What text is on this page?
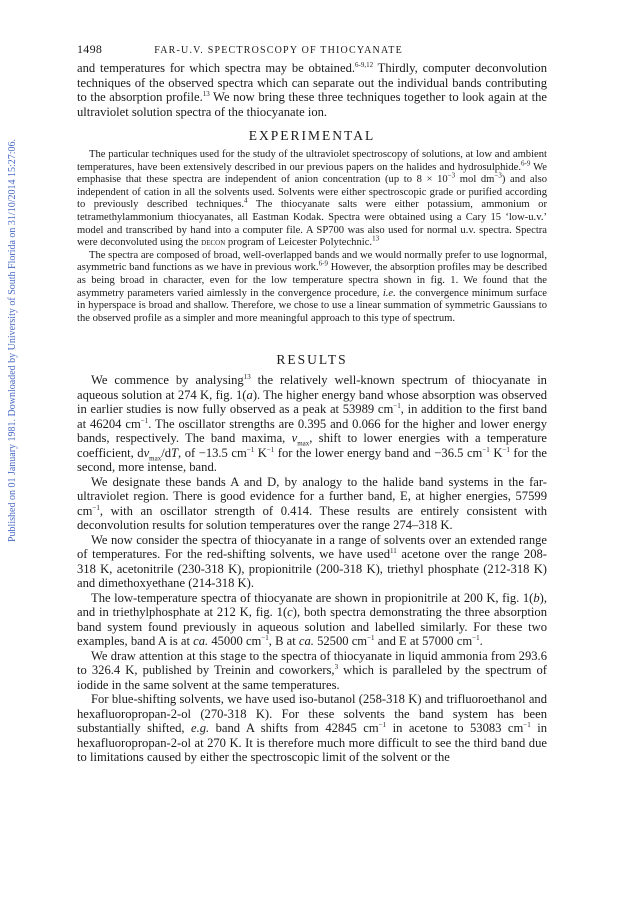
Published on 01 January 1981. Downloaded by University of South Florida on 31/10/2014 15:27:06.
1498	FAR-U.V. SPECTROSCOPY OF THIOCYANATE

and temperatures for which spectra may be obtained.$^{6-9,12}$ Thirdly, computer deconvolution techniques of the observed spectra which can separate out the individual bands contributing to the absorption profile.$^{13}$ We now bring these three techniques together to look again at the ultraviolet solution spectra of the thiocyanate ion.

EXPERIMENTAL

The particular techniques used for the study of the ultraviolet spectroscopy of solutions, at low and ambient temperatures, have been extensively described in our previous papers on the halides and hydrosulphide.$^{6-9}$ We emphasise that these spectra are independent of anion concentration (up to $8 \times 10^{-3}$ mol $dm^{-3}$) and also independent of cation in all the solvents used. Solvents were either spectroscopic grade or purified according to previously described techniques.$^4$ The thiocyanate salts were either potassium, ammonium or tetramethylammonium thiocyanates, all Eastman Kodak. Spectra were obtained using a Cary 15 ‘low-u.v.’ model and transcribed by hand into a computer file. A SP700 was also used for normal u.v. spectra. Spectra were deconvoluted using the decon program of Leicester Polytechnic.$^{13}$

The spectra are composed of broad, well-overlapped bands and we would normally prefer to use lognormal, asymmetric band functions as we have in previous work.$^{6-9}$ However, the absorption profiles may be described as being broad in character, even for the low temperature spectra shown in fig. 1. We found that the asymmetry parameters varied aimlessly in the convergence procedure, i.e. the convergence minimum surface in hyperspace is broad and shallow. Therefore, we chose to use a linear summation of symmetric Gaussians to the observed profile as a simpler and more meaningful approach to this type of spectrum.

RESULTS

We commence by analysing$^{13}$ the relatively well-known spectrum of thiocyanate in aqueous solution at 274 K, fig. 1(a). The higher energy band whose absorption was observed in earlier studies is now fully observed as a peak at 53989 $cm^{-1}$, in addition to the first band at 46204 $cm^{-1}$. The oscillator strengths are 0.395 and 0.066 for the higher and lower energy bands, respectively. The band maxima, $\nu_{max}$, shift to lower energies with a temperature coefficient, $d\nu_{max}/dT$, of −13.5 $cm^{-1}$ $K^{-1}$ for the lower energy band and −36.5 $cm^{-1}$ $K^{-1}$ for the second, more intense, band.

We designate these bands A and D, by analogy to the halide band systems in the far-ultraviolet region. There is good evidence for a further band, E, at higher energies, 57599 $cm^{-1}$, with an oscillator strength of 0.414. These results are entirely consistent with deconvolution results for solution temperatures over the range 274–318 K.

We now consider the spectra of thiocyanate in a range of solvents over an extended range of temperatures. For the red-shifting solvents, we have used$^{11}$ acetone over the range 208-318 K, acetonitrile (230-318 K), propionitrile (200-318 K), triethyl phosphate (212-318 K) and dimethoxyethane (214-318 K).

The low-temperature spectra of thiocyanate are shown in propionitrile at 200 K, fig. 1(b), and in triethylphosphate at 212 K, fig. 1(c), both spectra demonstrating the three absorption band system found previously in aqueous solution and labelled similarly. For these two examples, band A is at ca. 45000 $cm^{-1}$, B at ca. 52500 $cm^{-1}$ and E at 57000 $cm^{-1}$.

We draw attention at this stage to the spectra of thiocyanate in liquid ammonia from 293.6 to 326.4 K, published by Treinin and coworkers,$^3$ which is paralleled by the spectrum of iodide in the same solvent at the same temperatures.

For blue-shifting solvents, we have used iso-butanol (258-318 K) and trifluoroethanol and hexafluoropropan-2-ol (270-318 K). For these solvents the band system has been substantially shifted, e.g. band A shifts from 42845 $cm^{-1}$ in acetone to 53083 $cm^{-1}$ in hexafluoropropan-2-ol at 270 K. It is therefore much more difficult to see the third band due to limitations caused by either the spectroscopic limit of the solvent or the
